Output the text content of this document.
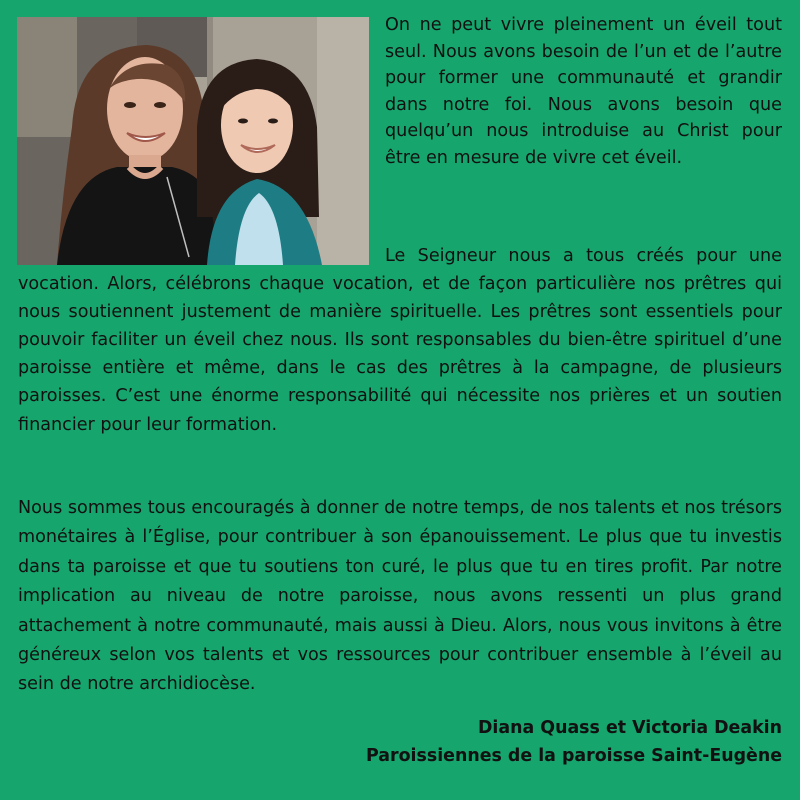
On ne peut vivre pleinement un éveil tout seul. Nous avons besoin de l’un et de l’autre pour former une communauté et grandir dans notre foi. Nous avons besoin que quelqu’un nous introduise au Christ pour être en mesure de vivre cet éveil.

Le Seigneur nous a tous créés pour une vocation. Alors, célébrons chaque vocation, et de façon particulière nos prêtres qui nous soutiennent justement de manière spirituelle. Les prêtres sont essentiels pour pouvoir faciliter un éveil chez nous. Ils sont responsables du bien-être spirituel d’une paroisse entière et même, dans le cas des prêtres à la campagne, de plusieurs paroisses. C’est une énorme responsabilité qui nécessite nos prières et un soutien financier pour leur formation.

Nous sommes tous encouragés à donner de notre temps, de nos talents et nos trésors monétaires à l’Église, pour contribuer à son épanouissement. Le plus que tu investis dans ta paroisse et que tu soutiens ton curé, le plus que tu en tires profit. Par notre implication au niveau de notre paroisse, nous avons ressenti un plus grand attachement à notre communauté, mais aussi à Dieu. Alors, nous vous invitons à être généreux selon vos talents et vos ressources pour contribuer ensemble à l’éveil au sein de notre archidiocèse.

Diana Quass et Victoria Deakin
Paroissiennes de la paroisse Saint-Eugène
